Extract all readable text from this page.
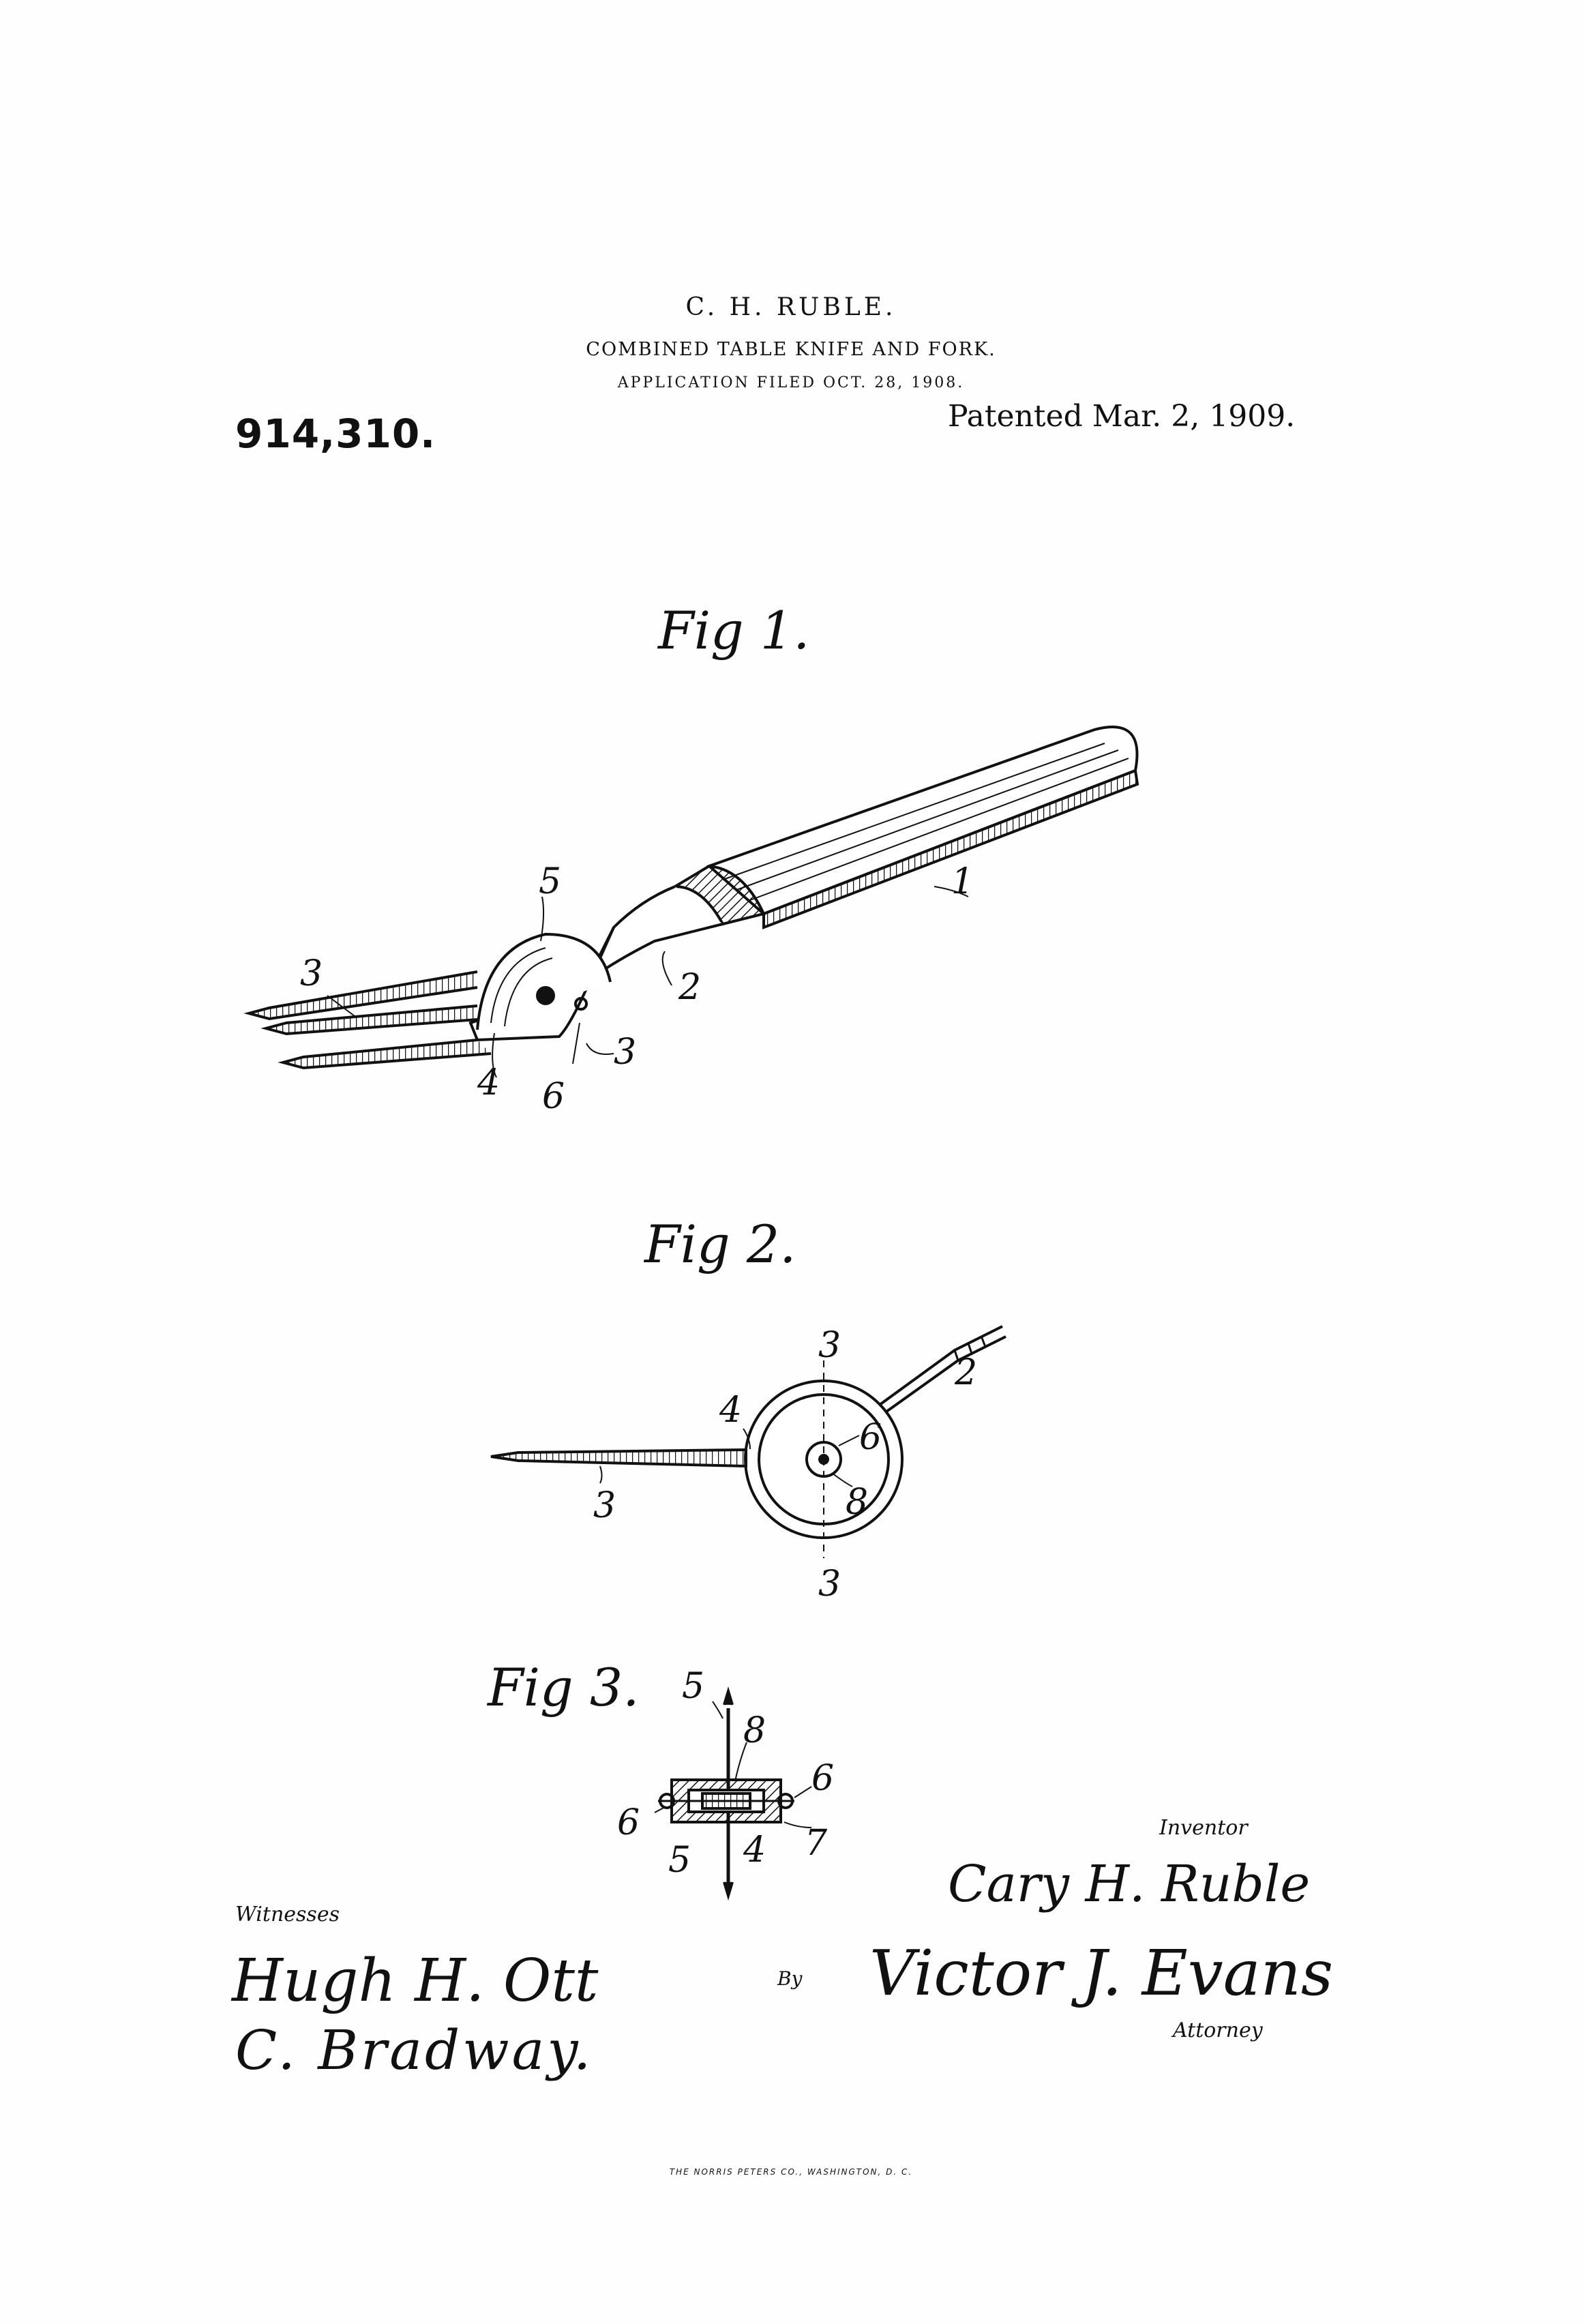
C. H. RUBLE.
COMBINED TABLE KNIFE AND FORK.
APPLICATION FILED OCT. 28, 1908.
914,310.	Patented Mar. 2, 1909.
Fig 1.
Fig 2.
Fig 3.
1
2
3
3
4
5
6
3
3
3
2
4
6
8
5
8
6
6
5 4 7	Inventor
Cary H. Ruble
By Victor J. Evans
Attorney
Witnesses
Hugh H. Ott
C. Bradway.
THE NORRIS PETERS CO., WASHINGTON, D. C.
